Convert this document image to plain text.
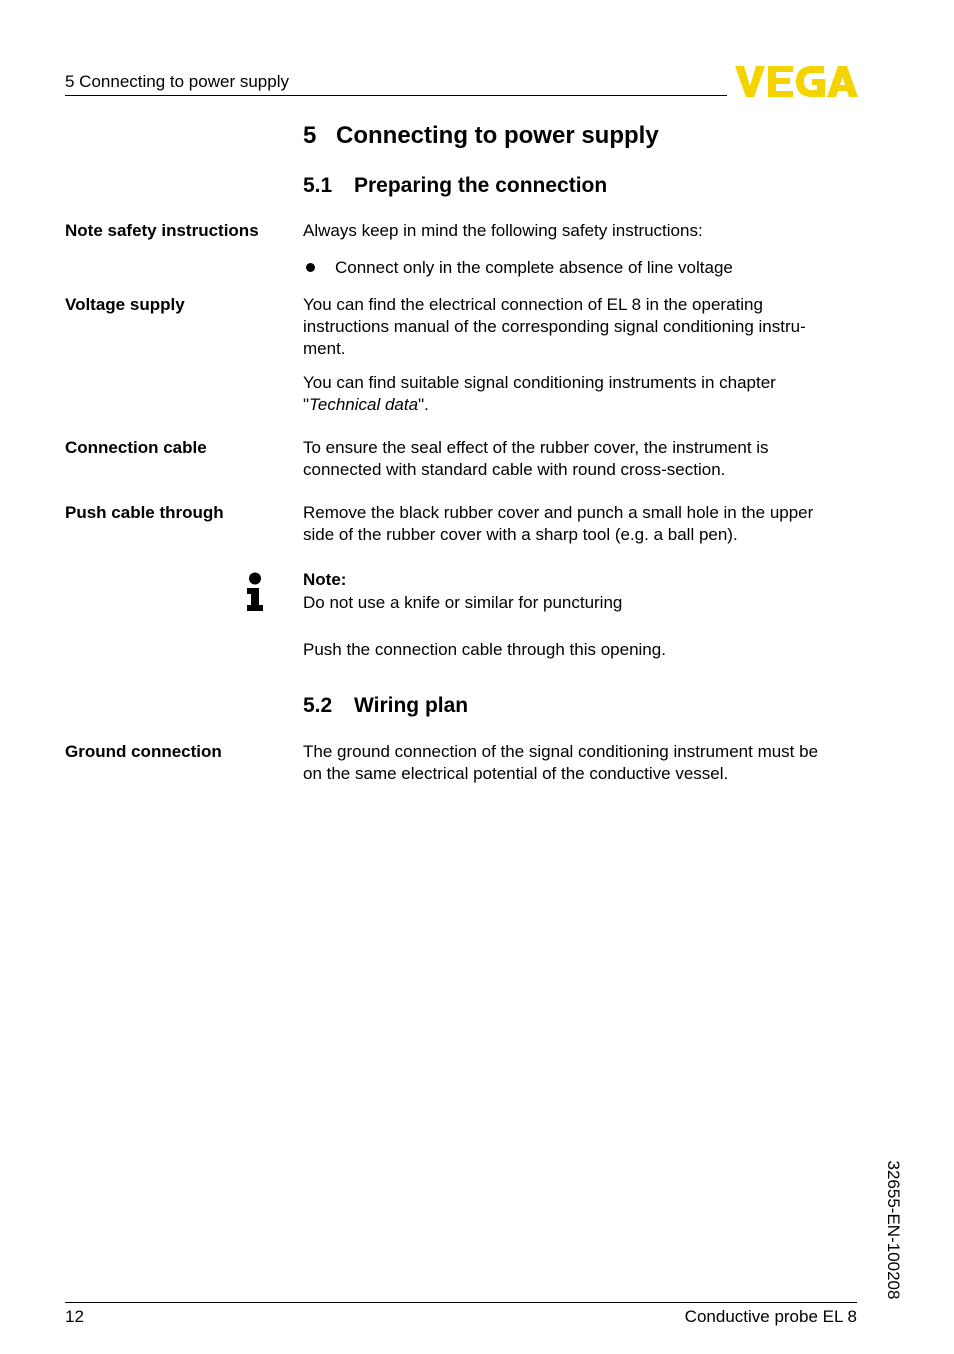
5 Connecting to power supply
5 Connecting to power supply
5.1 Preparing the connection
Note safety instructions	Always keep in mind the following safety instructions:
Connect only in the complete absence of line voltage
Voltage supply	You can find the electrical connection of EL 8 in the operating
instructions manual of the corresponding signal conditioning instru-
ment.
You can find suitable signal conditioning instruments in chapter
"Technical data".
Connection cable	To ensure the seal effect of the rubber cover, the instrument is
connected with standard cable with round cross-section.
Push cable through	Remove the black rubber cover and punch a small hole in the upper
side of the rubber cover with a sharp tool (e.g. a ball pen).
Note:
Do not use a knife or similar for puncturing
Push the connection cable through this opening.
5.2 Wiring plan
Ground connection	The ground connection of the signal conditioning instrument must be
on the same electrical potential of the conductive vessel.
32655-EN-100208
12	Conductive probe EL 8
